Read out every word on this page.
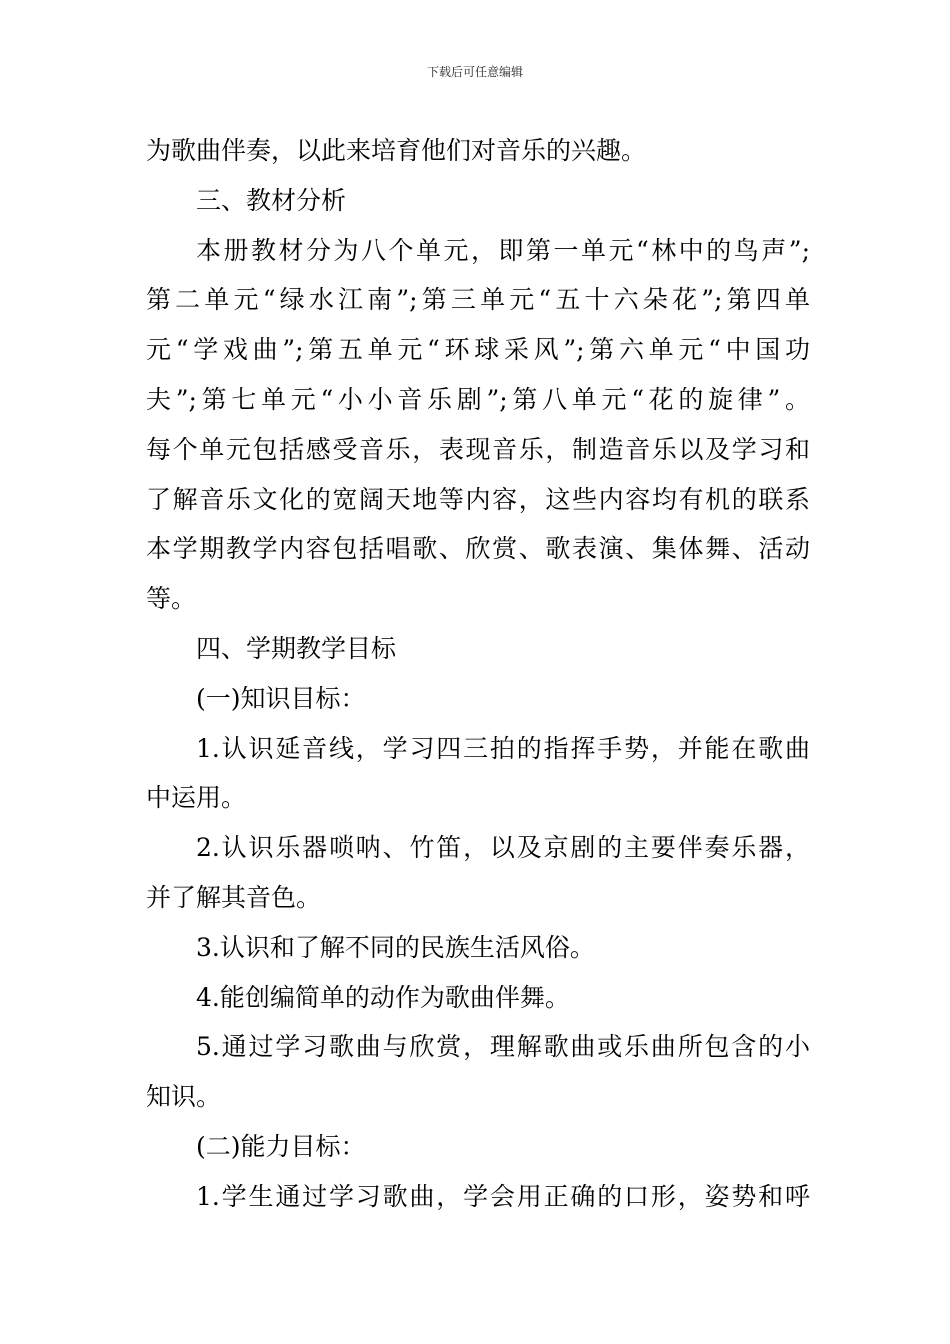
下载后可任意编辑
为歌曲伴奏，以此来培育他们对音乐的兴趣。
三、教材分析
本册教材分为八个单元，即第一单元“林中的鸟声”;
第二单元“绿水江南”;第三单元“五十六朵花”;第四单
元“学戏曲”;第五单元“环球采风”;第六单元“中国功
夫”;第七单元“小小音乐剧”;第八单元“花的旋律”。
每个单元包括感受音乐，表现音乐，制造音乐以及学习和
了解音乐文化的宽阔天地等内容，这些内容均有机的联系
本学期教学内容包括唱歌、欣赏、歌表演、集体舞、活动
等。
四、学期教学目标
(一)知识目标：
1.认识延音线，学习四三拍的指挥手势，并能在歌曲
中运用。
2.认识乐器唢呐、竹笛，以及京剧的主要伴奏乐器，
并了解其音色。
3.认识和了解不同的民族生活风俗。
4.能创编简单的动作为歌曲伴舞。
5.通过学习歌曲与欣赏，理解歌曲或乐曲所包含的小
知识。
(二)能力目标：
1.学生通过学习歌曲，学会用正确的口形，姿势和呼
